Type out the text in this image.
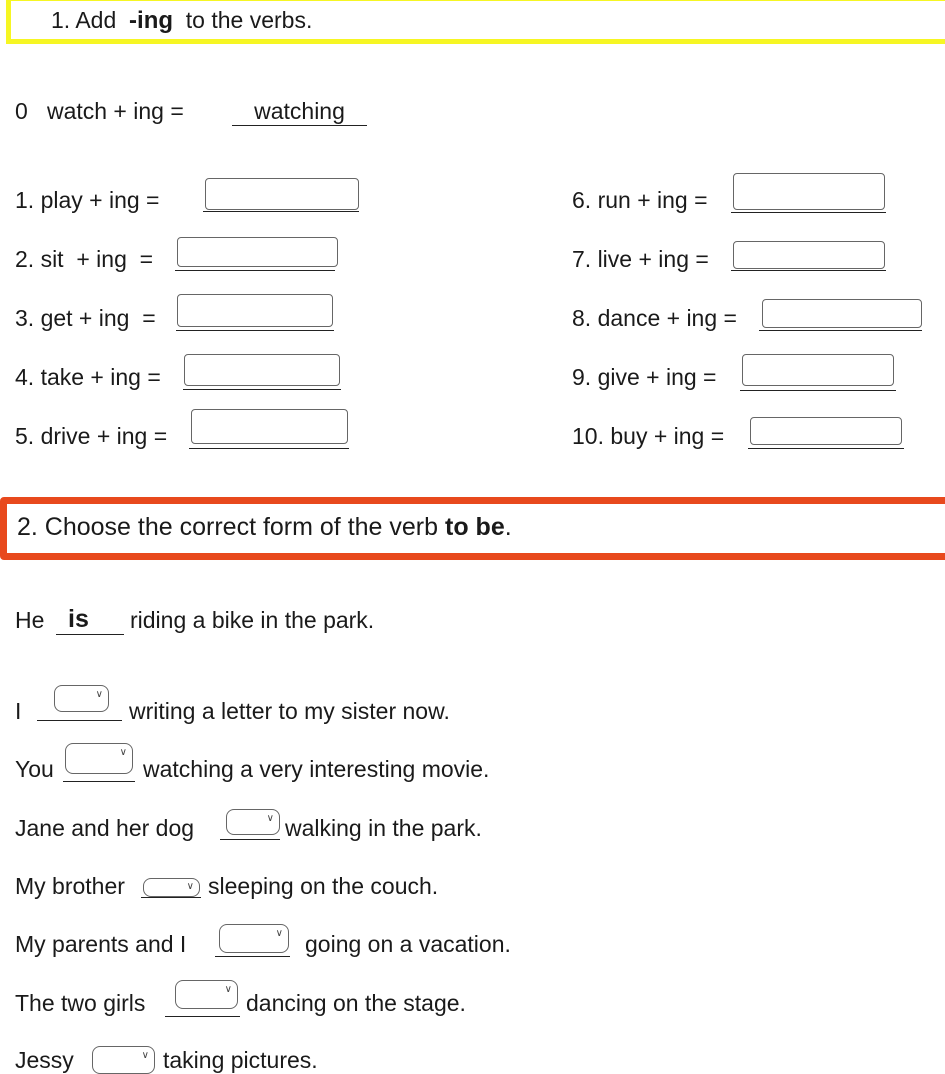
1. Add -ing to the verbs.
0   watch + ing =	watching
1. play + ing =
2. sit  + ing  =
3. get + ing  =
4. take + ing =
5. drive + ing =
6. run + ing =
7. live + ing =
8. dance + ing =
9. give + ing =
10. buy + ing =
2. Choose the correct form of the verb to be.
He is	riding a bike in the park.
I
∨
writing a letter to my sister now.
You
∨
watching a very interesting movie.
Jane and her dog	∨ walking in the park.
My brother	∨ sleeping on the couch.
My parents and I	∨ going on a vacation.
The two girls
∨
dancing on the stage.
Jessy	∨ taking pictures.
